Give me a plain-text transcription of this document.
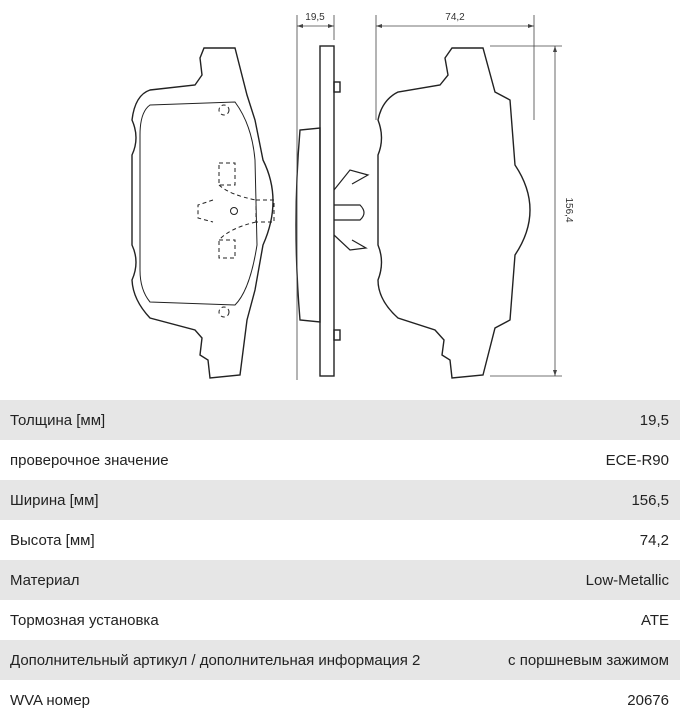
19,5	74,2
156,4
Толщина [мм]	19,5
проверочное значение	ECE-R90
Ширина [мм]	156,5
Высота [мм]	74,2
Материал	Low-Metallic
Тормозная установка	ATE
Дополнительный артикул / дополнительная информация 2	с поршневым зажимом
WVA номер	20676
